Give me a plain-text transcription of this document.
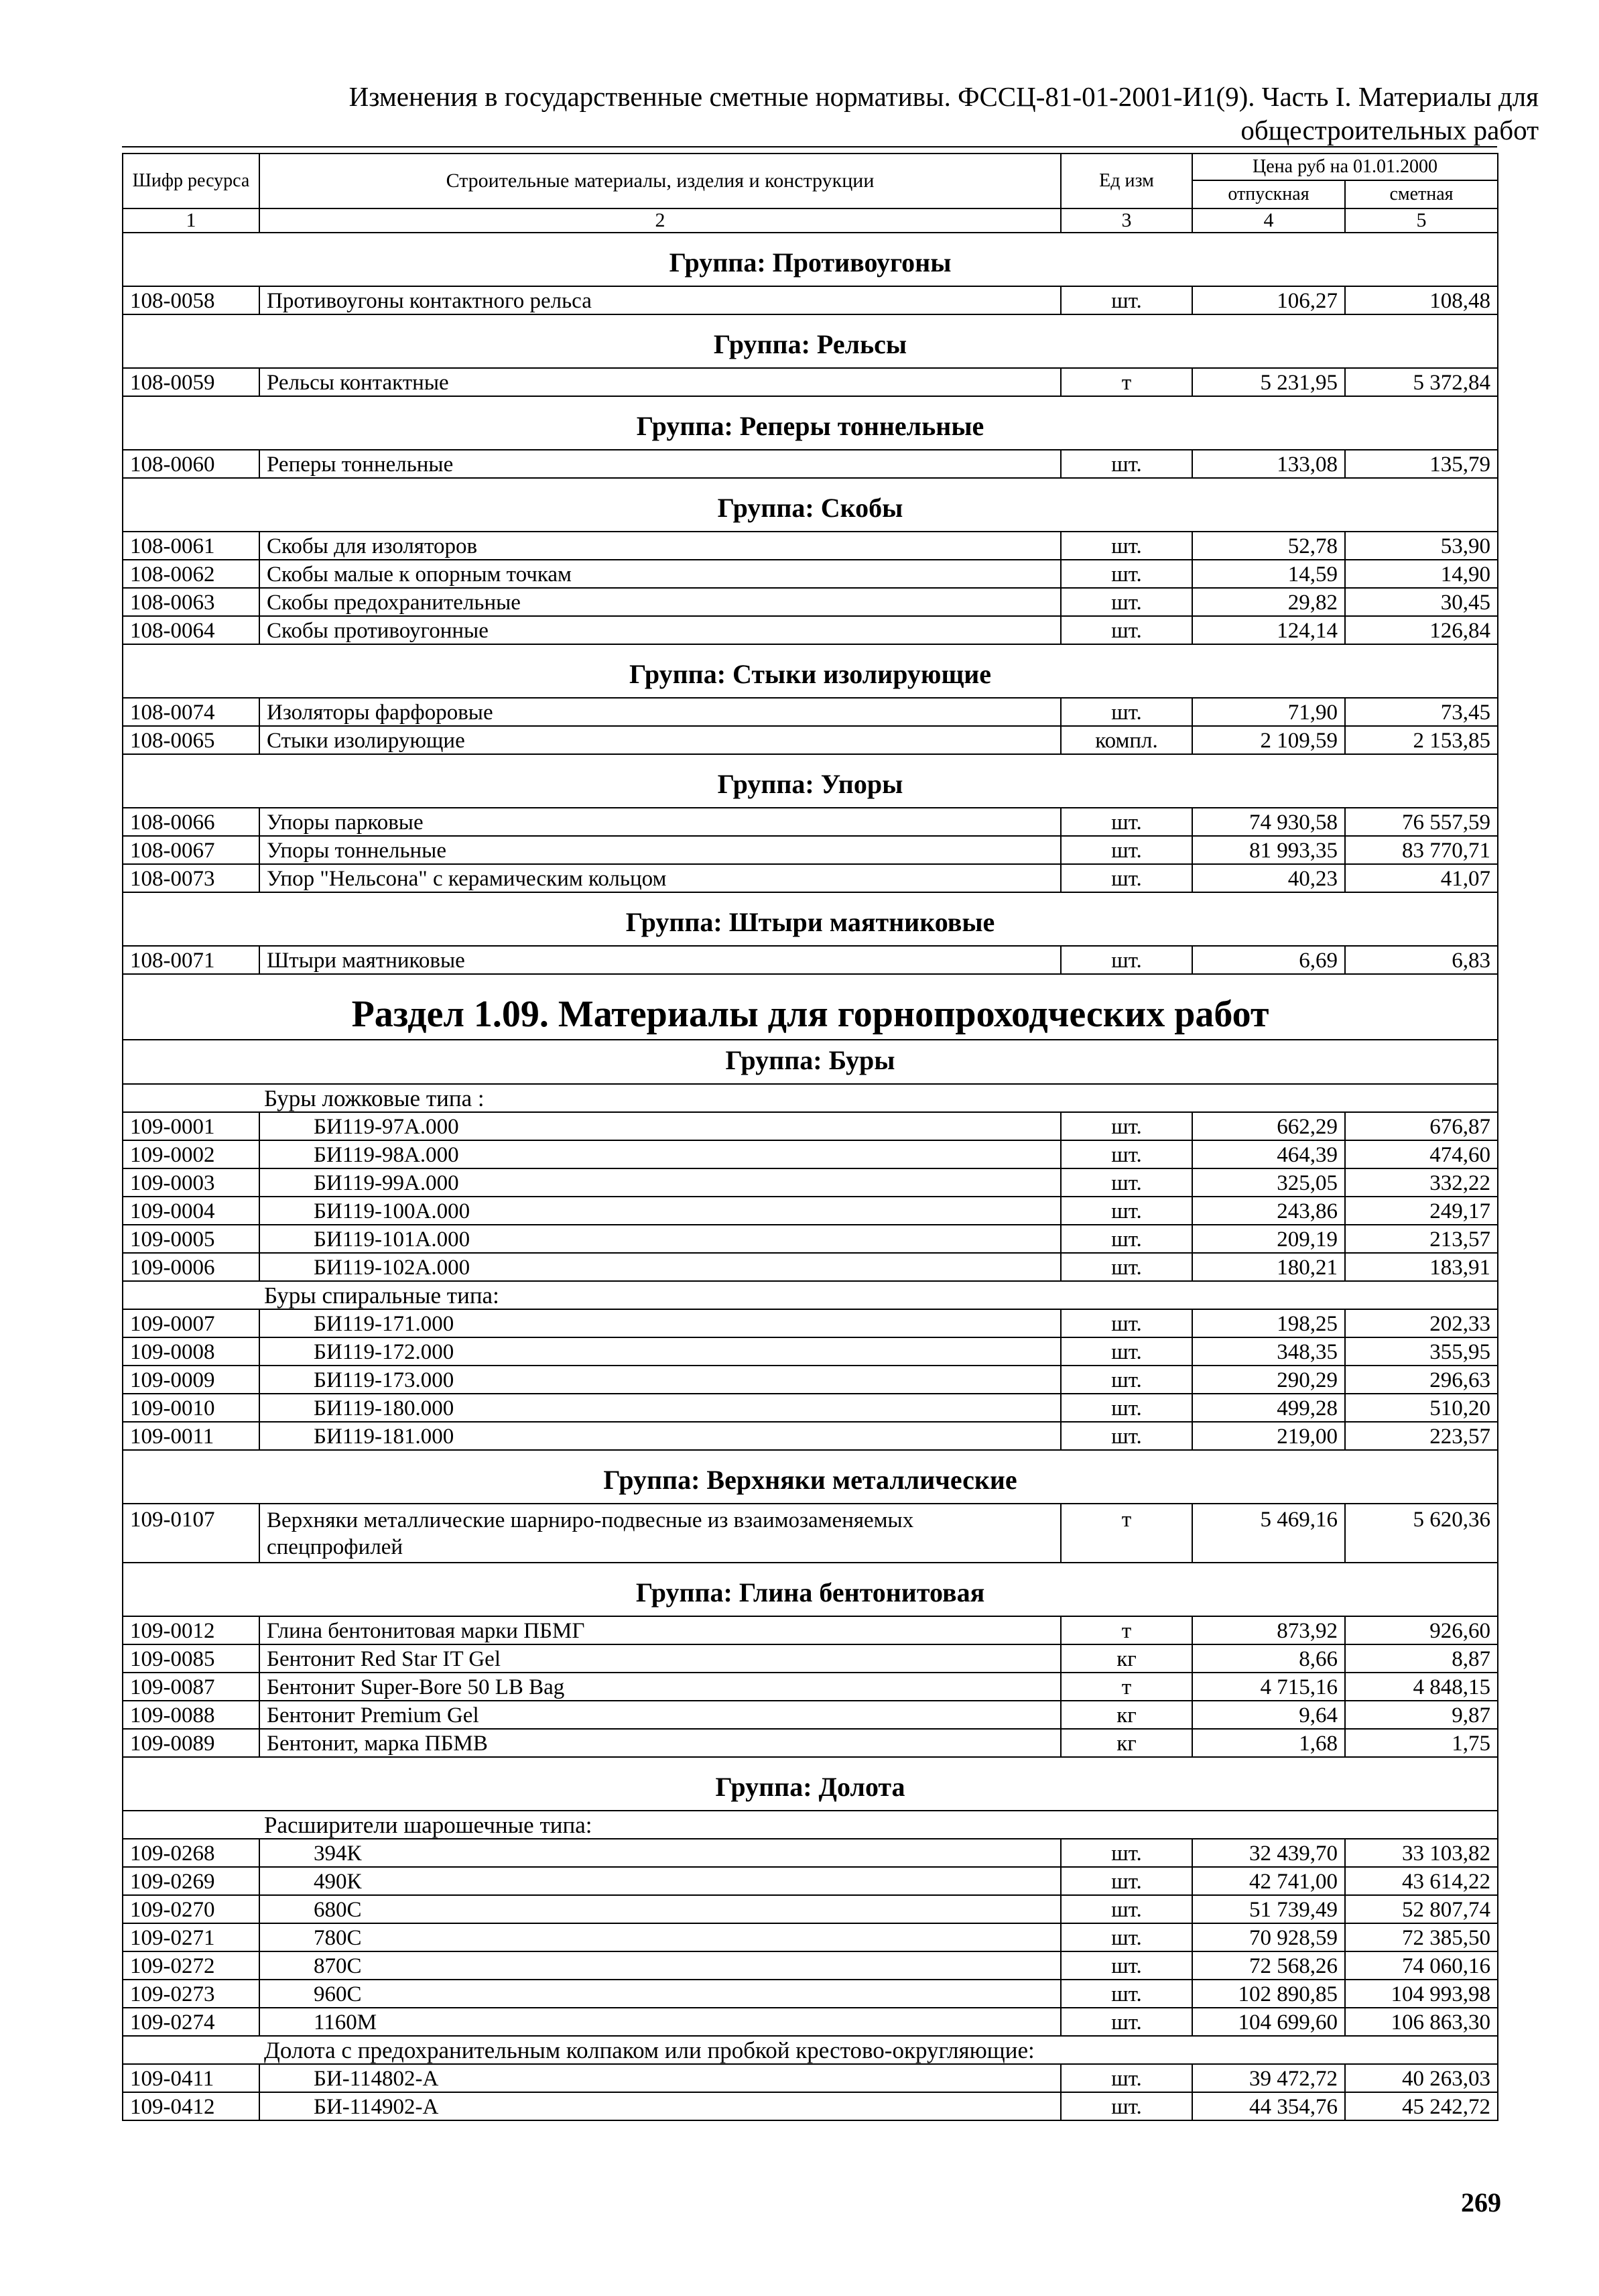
Изменения в государственные сметные нормативы. ФССЦ-81-01-2001-И1(9). Часть I. Материалы для
общестроительных работ
Шифр ресурса	Строительные материалы, изделия и конструкции	Ед изм	Цена руб на 01.01.2000	
			отпускная	сметная
1	2	3	4	5
Группа: Противоугоны				
108-0058	Противоугоны контактного рельса	шт.	106,27	108,48
Группа: Рельсы				
108-0059	Рельсы контактные	т	5 231,95	5 372,84
Группа: Реперы тоннельные				
108-0060	Реперы тоннельные	шт.	133,08	135,79
Группа: Скобы				
108-0061	Скобы для изоляторов	шт.	52,78	53,90
108-0062	Скобы малые к опорным точкам	шт.	14,59	14,90
108-0063	Скобы предохранительные	шт.	29,82	30,45
108-0064	Скобы противоугонные	шт.	124,14	126,84
Группа: Стыки изолирующие				
108-0074	Изоляторы фарфоровые	шт.	71,90	73,45
108-0065	Стыки изолирующие	компл.	2 109,59	2 153,85
Группа: Упоры				
108-0066	Упоры парковые	шт.	74 930,58	76 557,59
108-0067	Упоры тоннельные	шт.	81 993,35	83 770,71
108-0073	Упор "Нельсона" с керамическим кольцом	шт.	40,23	41,07
Группа: Штыри маятниковые				
108-0071	Штыри маятниковые	шт.	6,69	6,83
Раздел 1.09. Материалы для горнопроходческих работ				
Группа: Буры				
Буры ложковые типа :				
109-0001	БИ119-97А.000	шт.	662,29	676,87
109-0002	БИ119-98А.000	шт.	464,39	474,60
109-0003	БИ119-99А.000	шт.	325,05	332,22
109-0004	БИ119-100А.000	шт.	243,86	249,17
109-0005	БИ119-101А.000	шт.	209,19	213,57
109-0006	БИ119-102А.000	шт.	180,21	183,91
Буры спиральные типа:				
109-0007	БИ119-171.000	шт.	198,25	202,33
109-0008	БИ119-172.000	шт.	348,35	355,95
109-0009	БИ119-173.000	шт.	290,29	296,63
109-0010	БИ119-180.000	шт.	499,28	510,20
109-0011	БИ119-181.000	шт.	219,00	223,57
Группа: Верхняки металлические				
109-0107	Верхняки металлические шарниро-подвесные из взаимозаменяемых спецпрофилей	т	5 469,16	5 620,36
Группа: Глина бентонитовая				
109-0012	Глина бентонитовая марки ПБМГ	т	873,92	926,60
109-0085	Бентонит Red Star IT Gel	кг	8,66	8,87
109-0087	Бентонит Super-Bore 50 LB Bag	т	4 715,16	4 848,15
109-0088	Бентонит Premium Gel	кг	9,64	9,87
109-0089	Бентонит, марка ПБМВ	кг	1,68	1,75
Группа: Долота				
Расширители шарошечные типа:				
109-0268	394К	шт.	32 439,70	33 103,82
109-0269	490К	шт.	42 741,00	43 614,22
109-0270	680С	шт.	51 739,49	52 807,74
109-0271	780С	шт.	70 928,59	72 385,50
109-0272	870С	шт.	72 568,26	74 060,16
109-0273	960С	шт.	102 890,85	104 993,98
109-0274	1160М	шт.	104 699,60	106 863,30
Долота с предохранительным колпаком или пробкой крестово-округляющие:				
109-0411	БИ-114802-А	шт.	39 472,72	40 263,03
109-0412	БИ-114902-А	шт.	44 354,76	45 242,72
269
